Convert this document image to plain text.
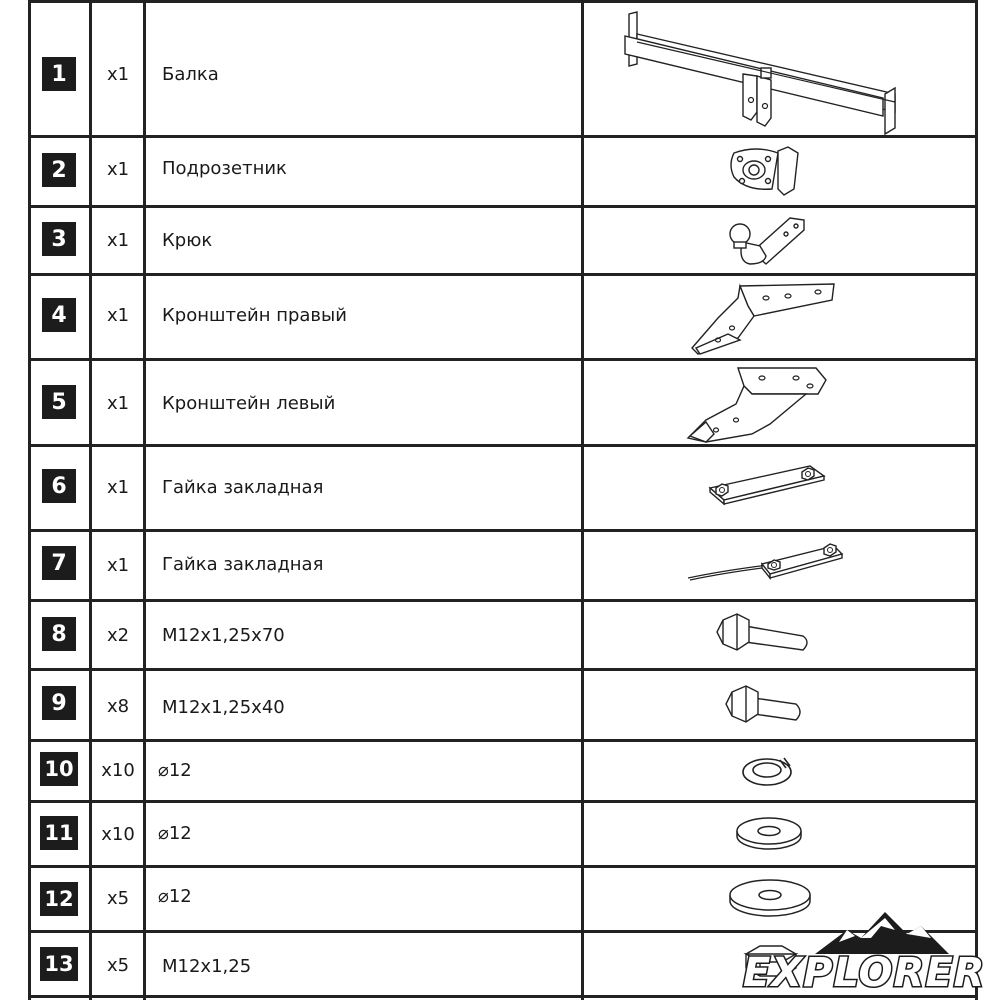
1	x1	Балка
2	x1	Подрозетник
3	x1	Крюк
4	x1	Кронштейн правый
5	x1	Кронштейн левый
6	x1	Гайка закладная
7	x1	Гайка закладная
8	x2	M12x1,25x70
9	x8	M12x1,25x40
10	x10	⌀12
11	x10	⌀12
12	x5	⌀12
13	x5	M12x1,25	EXPLORER
